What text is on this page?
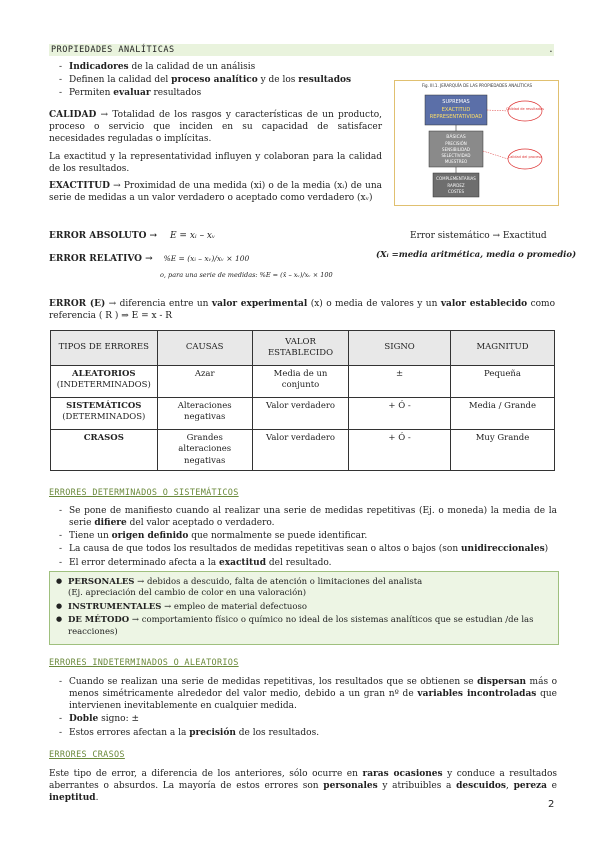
PROPIEDADES ANALÍTICAS	.
- Indicadores de la calidad de un análisis
- Definen la calidad del proceso analítico y de los resultados
- Permiten evaluar resultados
CALIDAD → Totalidad de los rasgos y características de un producto, proceso o servicio que inciden en su capacidad de satisfacer necesidades reguladas o implícitas.
La exactitud y la representatividad influyen y colaboran para la calidad de los resultados.
EXACTITUD → Proximidad de una medida (xi) o de la media (xᵢ) de una serie de medidas a un valor verdadero o aceptado como verdadero (xᵥ)
Fig. III.1. JERARQUÍA DE LAS PROPIEDADES ANALÍTICAS
SUPREMAS
EXACTITUD
REPRESENTATIVIDAD
BÁSICAS
PRECISIÓN
SENSIBILIDAD
SELECTIVIDAD
MUESTREO
COMPLEMENTARIAS
RAPIDEZ
COSTES
Calidad de resultados
Calidad del proceso
ERROR ABSOLUTO → E = xᵢ – xᵥ	Error sistemático → Exactitud
ERROR RELATIVO → %E = (xᵢ – xᵥ)/xᵥ × 100
o, para una serie de medidas: %E = (x̄ – xᵥ)/xᵥ × 100
(Xᵢ =media aritmética, media o promedio)
ERROR (E) → diferencia entre un valor experimental (x) o media de valores y un valor establecido como referencia ( R ) ⇒ E = x - R
TIPOS DE ERRORES	CAUSAS	VALOR ESTABLECIDO	SIGNO	MAGNITUD
ALEATORIOS
(INDETERMINADOS)	Azar	Media de un conjunto	±	Pequeña
SISTEMÁTICOS
(DETERMINADOS)	Alteraciones negativas	Valor verdadero	+ Ó -	Media / Grande
CRASOS	Grandes alteraciones negativas	Valor verdadero	+ Ó -	Muy Grande
ERRORES DETERMINADOS O SISTEMÁTICOS
- Se pone de manifiesto cuando al realizar una serie de medidas repetitivas (Ej. o moneda) la media de la serie difiere del valor aceptado o verdadero.
- Tiene un origen definido que normalmente se puede identificar.
- La causa de que todos los resultados de medidas repetitivas sean o altos o bajos (son unidireccionales)
- El error determinado afecta a la exactitud del resultado.
● PERSONALES → debidos a descuido, falta de atención o limitaciones del analista
(Ej. apreciación del cambio de color en una valoración)
● INSTRUMENTALES → empleo de material defectuoso
● DE MÉTODO → comportamiento físico o químico no ideal de los sistemas analíticos que se estudian /de las reacciones)
ERRORES INDETERMINADOS O ALEATORIOS
- Cuando se realizan una serie de medidas repetitivas, los resultados que se obtienen se dispersan más o menos simétricamente alrededor del valor medio, debido a un gran nº de variables incontroladas que intervienen inevitablemente en cualquier medida.
- Doble signo: ±
- Estos errores afectan a la precisión de los resultados.
ERRORES CRASOS
Este tipo de error, a diferencia de los anteriores, sólo ocurre en raras ocasiones y conduce a resultados aberrantes o absurdos. La mayoría de estos errores son personales y atribuibles a descuidos, pereza e ineptitud.
2
